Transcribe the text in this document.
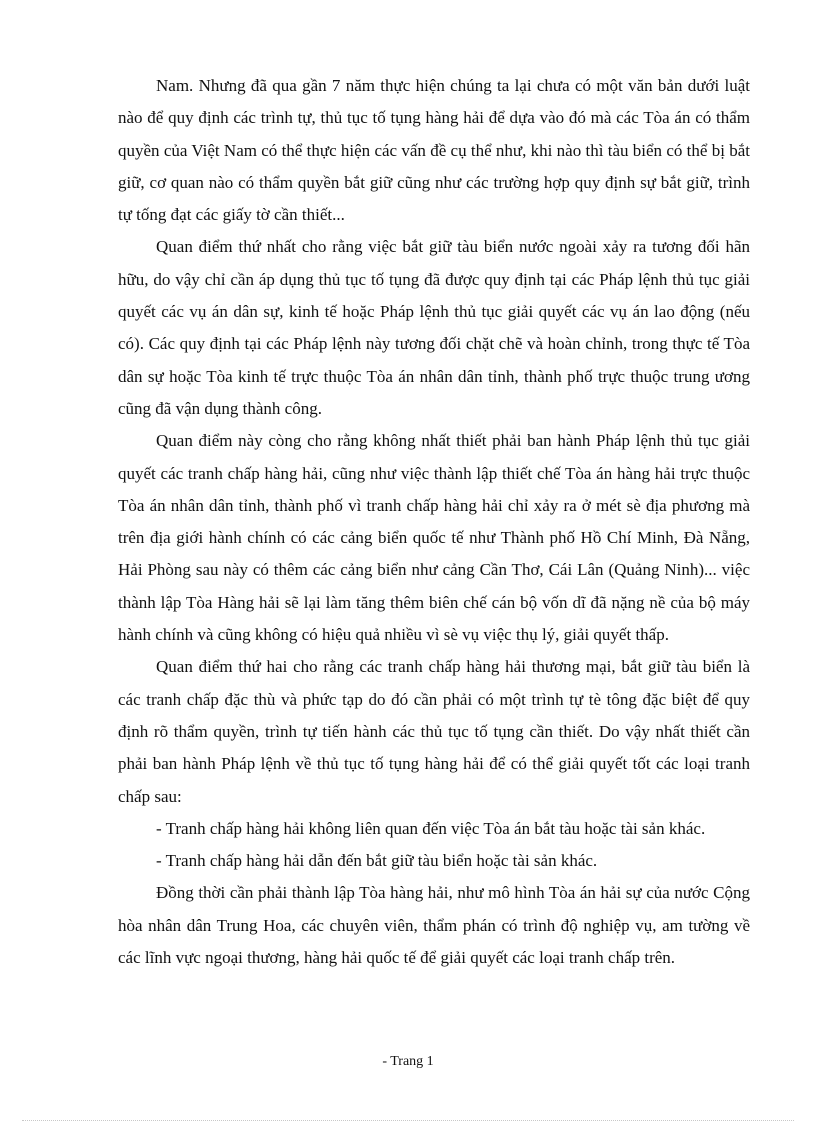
Nam. Nhưng đã qua gần 7 năm thực hiện chúng ta lại chưa có một văn bản dưới luật nào để quy định các trình tự, thủ tục tố tụng hàng hải để dựa vào đó mà các Tòa án có thẩm quyền của Việt Nam có thể thực hiện các vấn đề cụ thể như, khi nào thì tàu biển có thể bị bắt giữ, cơ quan nào có thẩm quyền bắt giữ cũng như các trường hợp quy định sự bắt giữ, trình tự tống đạt các giấy tờ cần thiết...

Quan điểm thứ nhất cho rằng việc bắt giữ tàu biển nước ngoài xảy ra tương đối hãn hữu, do vậy chỉ cần áp dụng thủ tục tố tụng đã được quy định tại các Pháp lệnh thủ tục giải quyết các vụ án dân sự, kinh tế hoặc Pháp lệnh thủ tục giải quyết các vụ án lao động (nếu có). Các quy định tại các Pháp lệnh này tương đối chặt chẽ và hoàn chỉnh, trong thực tế Tòa dân sự hoặc Tòa kinh tế trực thuộc Tòa án nhân dân tỉnh, thành phố trực thuộc trung ương cũng đã vận dụng thành công.

Quan điểm này còng cho rằng không nhất thiết phải ban hành Pháp lệnh thủ tục giải quyết các tranh chấp hàng hải, cũng như việc thành lập thiết chế Tòa án hàng hải trực thuộc Tòa án nhân dân tỉnh, thành phố vì tranh chấp hàng hải chỉ xảy ra ở mét sè địa phương mà trên địa giới hành chính có các cảng biển quốc tế như Thành phố Hồ Chí Minh, Đà Nẵng, Hải Phòng sau này có thêm các cảng biển như cảng Cần Thơ, Cái Lân (Quảng Ninh)... việc thành lập Tòa Hàng hải sẽ lại làm tăng thêm biên chế cán bộ vốn dĩ đã nặng nề của bộ máy hành chính và cũng không có hiệu quả nhiều vì sè vụ việc thụ lý, giải quyết thấp.

Quan điểm thứ hai cho rằng các tranh chấp hàng hải thương mại, bắt giữ tàu biển là các tranh chấp đặc thù và phức tạp do đó cần phải có một trình tự tè tông đặc biệt để quy định rõ thẩm quyền, trình tự tiến hành các thủ tục tố tụng cần thiết. Do vậy nhất thiết cần phải ban hành Pháp lệnh về thủ tục tố tụng hàng hải để có thể giải quyết tốt các loại tranh chấp sau:

- Tranh chấp hàng hải không liên quan đến việc Tòa án bắt tàu hoặc tài sản khác.

- Tranh chấp hàng hải dẫn đến bắt giữ tàu biển hoặc tài sản khác.

Đồng thời cần phải thành lập Tòa hàng hải, như mô hình Tòa án hải sự của nước Cộng hòa nhân dân Trung Hoa, các chuyên viên, thẩm phán có trình độ nghiệp vụ, am tường về các lĩnh vực ngoại thương, hàng hải quốc tế để giải quyết các loại tranh chấp trên.

- Trang 1
